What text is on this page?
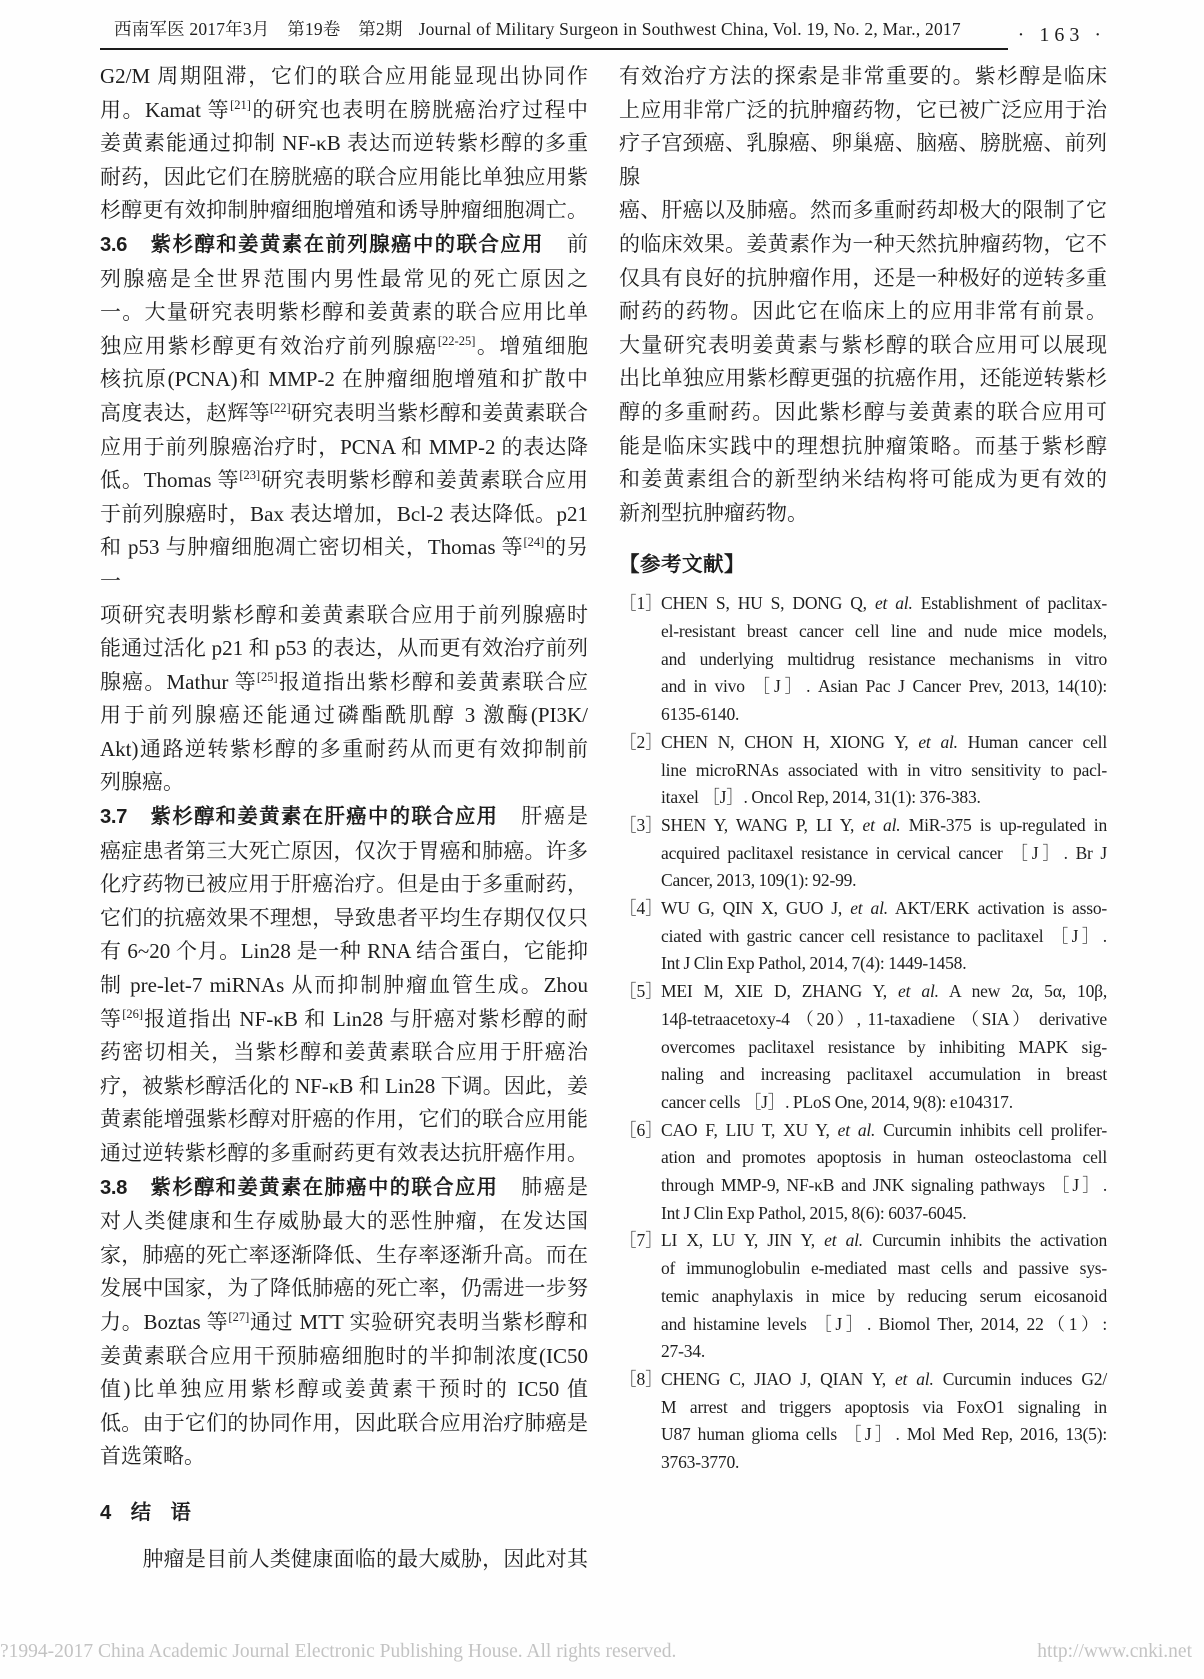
西南军医 2017年3月　第19卷　第2期 Journal of Military Surgeon in Southwest China, Vol. 19, No. 2, Mar., 2017	· 163 ·
G2/M 周期阻滞，它们的联合应用能显现出协同作
用。Kamat 等[21]的研究也表明在膀胱癌治疗过程中
姜黄素能通过抑制 NF-κB 表达而逆转紫杉醇的多重
耐药，因此它们在膀胱癌的联合应用能比单独应用紫
杉醇更有效抑制肿瘤细胞增殖和诱导肿瘤细胞凋亡。
3.6　紫杉醇和姜黄素在前列腺癌中的联合应用　前
列腺癌是全世界范围内男性最常见的死亡原因之
一。大量研究表明紫杉醇和姜黄素的联合应用比单
独应用紫杉醇更有效治疗前列腺癌[22-25]。增殖细胞
核抗原(PCNA)和 MMP-2 在肿瘤细胞增殖和扩散中
高度表达，赵辉等[22]研究表明当紫杉醇和姜黄素联合
应用于前列腺癌治疗时，PCNA 和 MMP-2 的表达降
低。Thomas 等[23]研究表明紫杉醇和姜黄素联合应用
于前列腺癌时，Bax 表达增加，Bcl-2 表达降低。p21
和 p53 与肿瘤细胞凋亡密切相关，Thomas 等[24]的另一
项研究表明紫杉醇和姜黄素联合应用于前列腺癌时
能通过活化 p21 和 p53 的表达，从而更有效治疗前列
腺癌。Mathur 等[25]报道指出紫杉醇和姜黄素联合应
用于前列腺癌还能通过磷酯酰肌醇 3 激酶(PI3K/
Akt)通路逆转紫杉醇的多重耐药从而更有效抑制前
列腺癌。
3.7　紫杉醇和姜黄素在肝癌中的联合应用　肝癌是
癌症患者第三大死亡原因，仅次于胃癌和肺癌。许多
化疗药物已被应用于肝癌治疗。但是由于多重耐药，
它们的抗癌效果不理想，导致患者平均生存期仅仅只
有 6~20 个月。Lin28 是一种 RNA 结合蛋白，它能抑
制 pre-let-7 miRNAs 从而抑制肿瘤血管生成。Zhou
等[26]报道指出 NF-κB 和 Lin28 与肝癌对紫杉醇的耐
药密切相关，当紫杉醇和姜黄素联合应用于肝癌治
疗，被紫杉醇活化的 NF-κB 和 Lin28 下调。因此，姜
黄素能增强紫杉醇对肝癌的作用，它们的联合应用能
通过逆转紫杉醇的多重耐药更有效表达抗肝癌作用。
3.8　紫杉醇和姜黄素在肺癌中的联合应用　肺癌是
对人类健康和生存威胁最大的恶性肿瘤，在发达国
家，肺癌的死亡率逐渐降低、生存率逐渐升高。而在
发展中国家，为了降低肺癌的死亡率，仍需进一步努
力。Boztas 等[27]通过 MTT 实验研究表明当紫杉醇和
姜黄素联合应用干预肺癌细胞时的半抑制浓度(IC50
值)比单独应用紫杉醇或姜黄素干预时的 IC50 值
低。由于它们的协同作用，因此联合应用治疗肺癌是
首选策略。
4　结　语
　　肿瘤是目前人类健康面临的最大威胁，因此对其
有效治疗方法的探索是非常重要的。紫杉醇是临床
上应用非常广泛的抗肿瘤药物，它已被广泛应用于治
疗子宫颈癌、乳腺癌、卵巢癌、脑癌、膀胱癌、前列腺
癌、肝癌以及肺癌。然而多重耐药却极大的限制了它
的临床效果。姜黄素作为一种天然抗肿瘤药物，它不
仅具有良好的抗肿瘤作用，还是一种极好的逆转多重
耐药的药物。因此它在临床上的应用非常有前景。
大量研究表明姜黄素与紫杉醇的联合应用可以展现
出比单独应用紫杉醇更强的抗癌作用，还能逆转紫杉
醇的多重耐药。因此紫杉醇与姜黄素的联合应用可
能是临床实践中的理想抗肿瘤策略。而基于紫杉醇
和姜黄素组合的新型纳米结构将可能成为更有效的
新剂型抗肿瘤药物。
【参考文献】
［1］
CHEN S, HU S, DONG Q, et al. Establishment of paclitax-
el-resistant breast cancer cell line and nude mice models,
and underlying multidrug resistance mechanisms in vitro
and in vivo ［J］. Asian Pac J Cancer Prev, 2013, 14(10):
6135-6140.
［2］
CHEN N, CHON H, XIONG Y, et al. Human cancer cell
line microRNAs associated with in vitro sensitivity to pacl-
itaxel ［J］. Oncol Rep, 2014, 31(1): 376-383.
［3］
SHEN Y, WANG P, LI Y, et al. MiR-375 is up-regulated in
acquired paclitaxel resistance in cervical cancer ［J］. Br J
Cancer, 2013, 109(1): 92-99.
［4］
WU G, QIN X, GUO J, et al. AKT/ERK activation is asso-
ciated with gastric cancer cell resistance to paclitaxel ［J］.
Int J Clin Exp Pathol, 2014, 7(4): 1449-1458.
［5］
MEI M, XIE D, ZHANG Y, et al. A new 2α, 5α, 10β,
14β-tetraacetoxy-4 （20）, 11-taxadiene （SIA） derivative
overcomes paclitaxel resistance by inhibiting MAPK sig-
naling and increasing paclitaxel accumulation in breast
cancer cells ［J］. PLoS One, 2014, 9(8): e104317.
［6］
CAO F, LIU T, XU Y, et al. Curcumin inhibits cell prolifer-
ation and promotes apoptosis in human osteoclastoma cell
through MMP-9, NF-κB and JNK signaling pathways ［J］.
Int J Clin Exp Pathol, 2015, 8(6): 6037-6045.
［7］
LI X, LU Y, JIN Y, et al. Curcumin inhibits the activation
of immunoglobulin e-mediated mast cells and passive sys-
temic anaphylaxis in mice by reducing serum eicosanoid
and histamine levels ［J］. Biomol Ther, 2014, 22（1）:
27-34.
［8］
CHENG C, JIAO J, QIAN Y, et al. Curcumin induces G2/
M arrest and triggers apoptosis via FoxO1 signaling in
U87 human glioma cells ［J］. Mol Med Rep, 2016, 13(5):
3763-3770.
?1994-2017 China Academic Journal Electronic Publishing House. All rights reserved.	http://www.cnki.net
